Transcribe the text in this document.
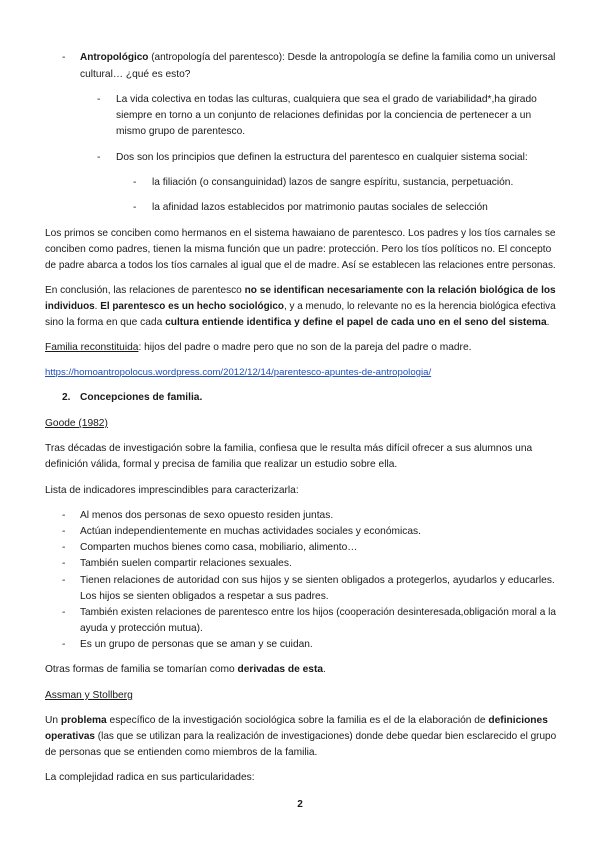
- Antropológico (antropología del parentesco): Desde la antropología se define la familia como un universal
cultural… ¿qué es esto?
- La vida colectiva en todas las culturas, cualquiera que sea el grado de variabilidad*,ha girado
siempre en torno a un conjunto de relaciones definidas por la conciencia de pertenecer a un
mismo grupo de parentesco.
- Dos son los principios que definen la estructura del parentesco en cualquier sistema social:
- la filiación (o consanguinidad) lazos de sangre espíritu, sustancia, perpetuación.
- la afinidad lazos establecidos por matrimonio pautas sociales de selección
Los primos se conciben como hermanos en el sistema hawaiano de parentesco. Los padres y los tíos carnales se
conciben como padres, tienen la misma función que un padre: protección. Pero los tíos políticos no. El concepto
de padre abarca a todos los tíos carnales al igual que el de madre. Así se establecen las relaciones entre personas.
En conclusión, las relaciones de parentesco no se identifican necesariamente con la relación biológica de los
individuos. El parentesco es un hecho sociológico, y a menudo, lo relevante no es la herencia biológica efectiva
sino la forma en que cada cultura entiende identifica y define el papel de cada uno en el seno del sistema.
Familia reconstituida: hijos del padre o madre pero que no son de la pareja del padre o madre.
https://homoantropolocus.wordpress.com/2012/12/14/parentesco-apuntes-de-antropologia/
2. Concepciones de familia.
Goode (1982)
Tras décadas de investigación sobre la familia, confiesa que le resulta más difícil ofrecer a sus alumnos una
definición válida, formal y precisa de familia que realizar un estudio sobre ella.
Lista de indicadores imprescindibles para caracterizarla:
- Al menos dos personas de sexo opuesto residen juntas.
- Actúan independientemente en muchas actividades sociales y económicas.
- Comparten muchos bienes como casa, mobiliario, alimento…
- También suelen compartir relaciones sexuales.
- Tienen relaciones de autoridad con sus hijos y se sienten obligados a protegerlos, ayudarlos y educarles.
Los hijos se sienten obligados a respetar a sus padres.
- También existen relaciones de parentesco entre los hijos (cooperación desinteresada,obligación moral a la
ayuda y protección mutua).
- Es un grupo de personas que se aman y se cuidan.
Otras formas de familia se tomarían como derivadas de esta.
Assman y Stollberg
Un problema específico de la investigación sociológica sobre la familia es el de la elaboración de definiciones
operativas (las que se utilizan para la realización de investigaciones) donde debe quedar bien esclarecido el grupo
de personas que se entienden como miembros de la familia.
La complejidad radica en sus particularidades:
2
